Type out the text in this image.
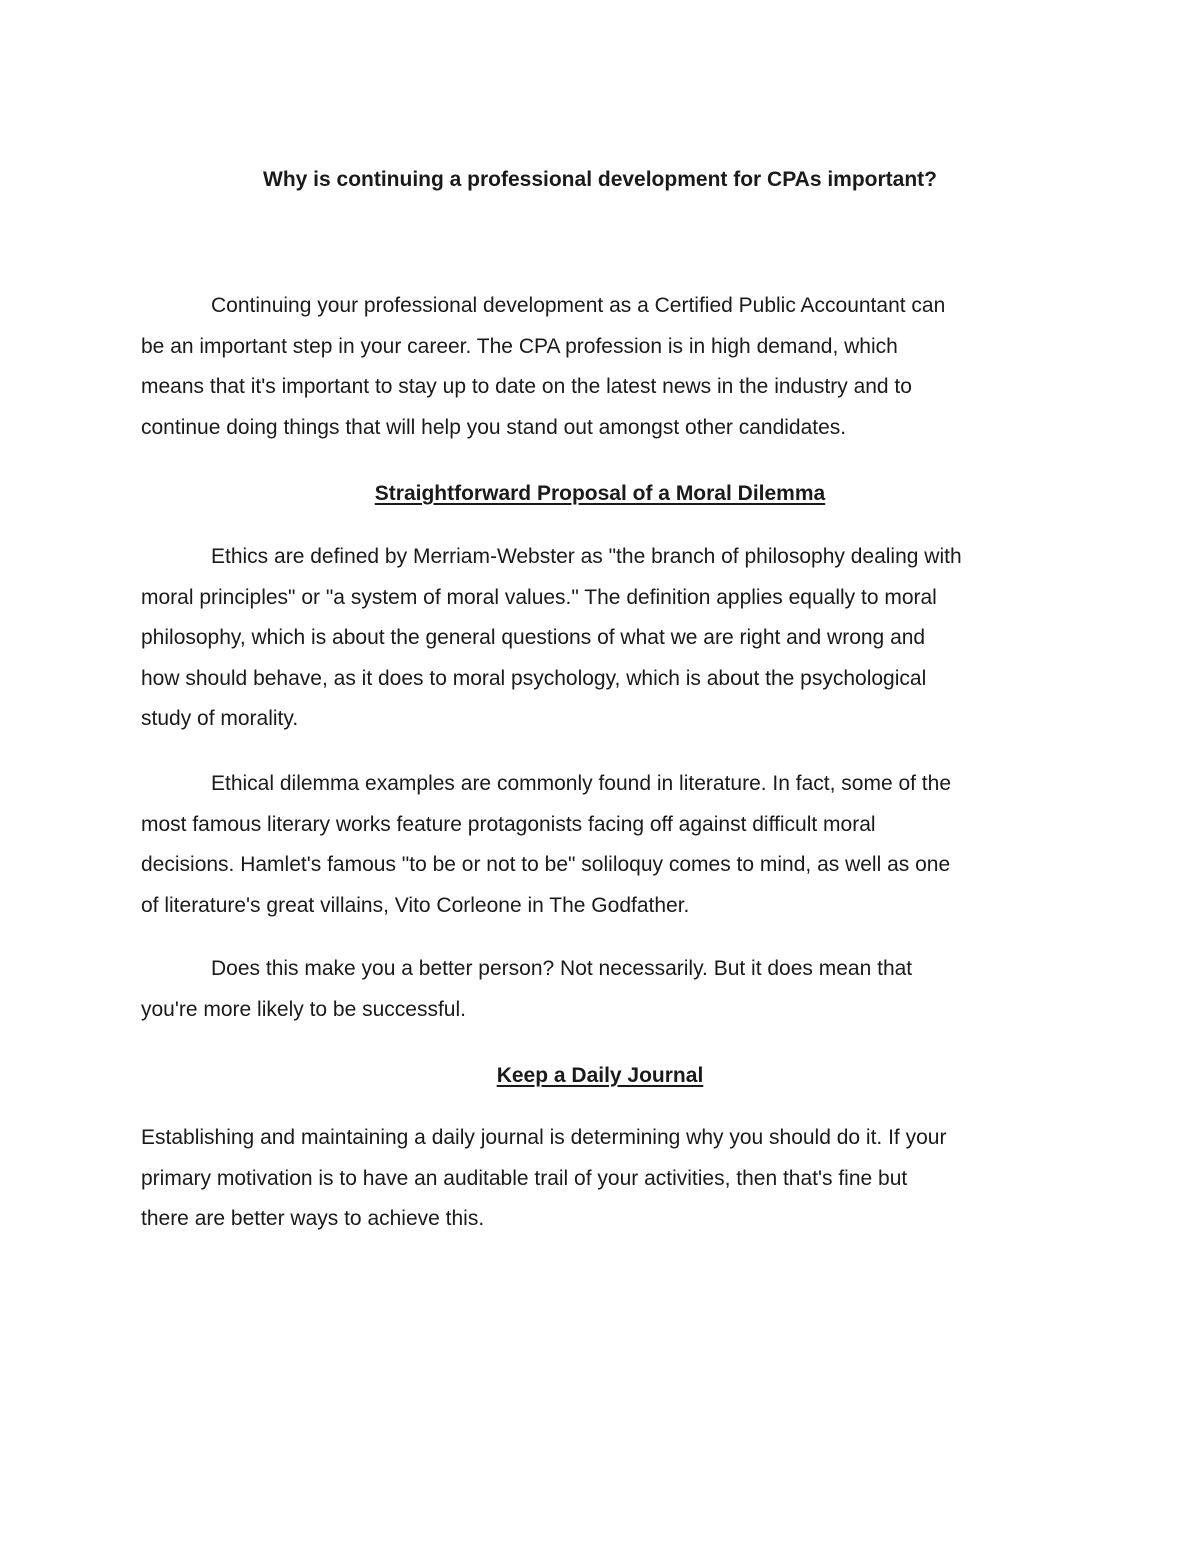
Why is continuing a professional development for CPAs important?
Continuing your professional development as a Certified Public Accountant can
be an important step in your career. The CPA profession is in high demand, which
means that it's important to stay up to date on the latest news in the industry and to
continue doing things that will help you stand out amongst other candidates.
Straightforward Proposal of a Moral Dilemma
Ethics are defined by Merriam-Webster as "the branch of philosophy dealing with
moral principles" or "a system of moral values." The definition applies equally to moral
philosophy, which is about the general questions of what we are right and wrong and
how should behave, as it does to moral psychology, which is about the psychological
study of morality.
Ethical dilemma examples are commonly found in literature. In fact, some of the
most famous literary works feature protagonists facing off against difficult moral
decisions. Hamlet's famous "to be or not to be" soliloquy comes to mind, as well as one
of literature's great villains, Vito Corleone in The Godfather.
Does this make you a better person? Not necessarily. But it does mean that
you're more likely to be successful.
Keep a Daily Journal
Establishing and maintaining a daily journal is determining why you should do it. If your
primary motivation is to have an auditable trail of your activities, then that's fine but
there are better ways to achieve this.
